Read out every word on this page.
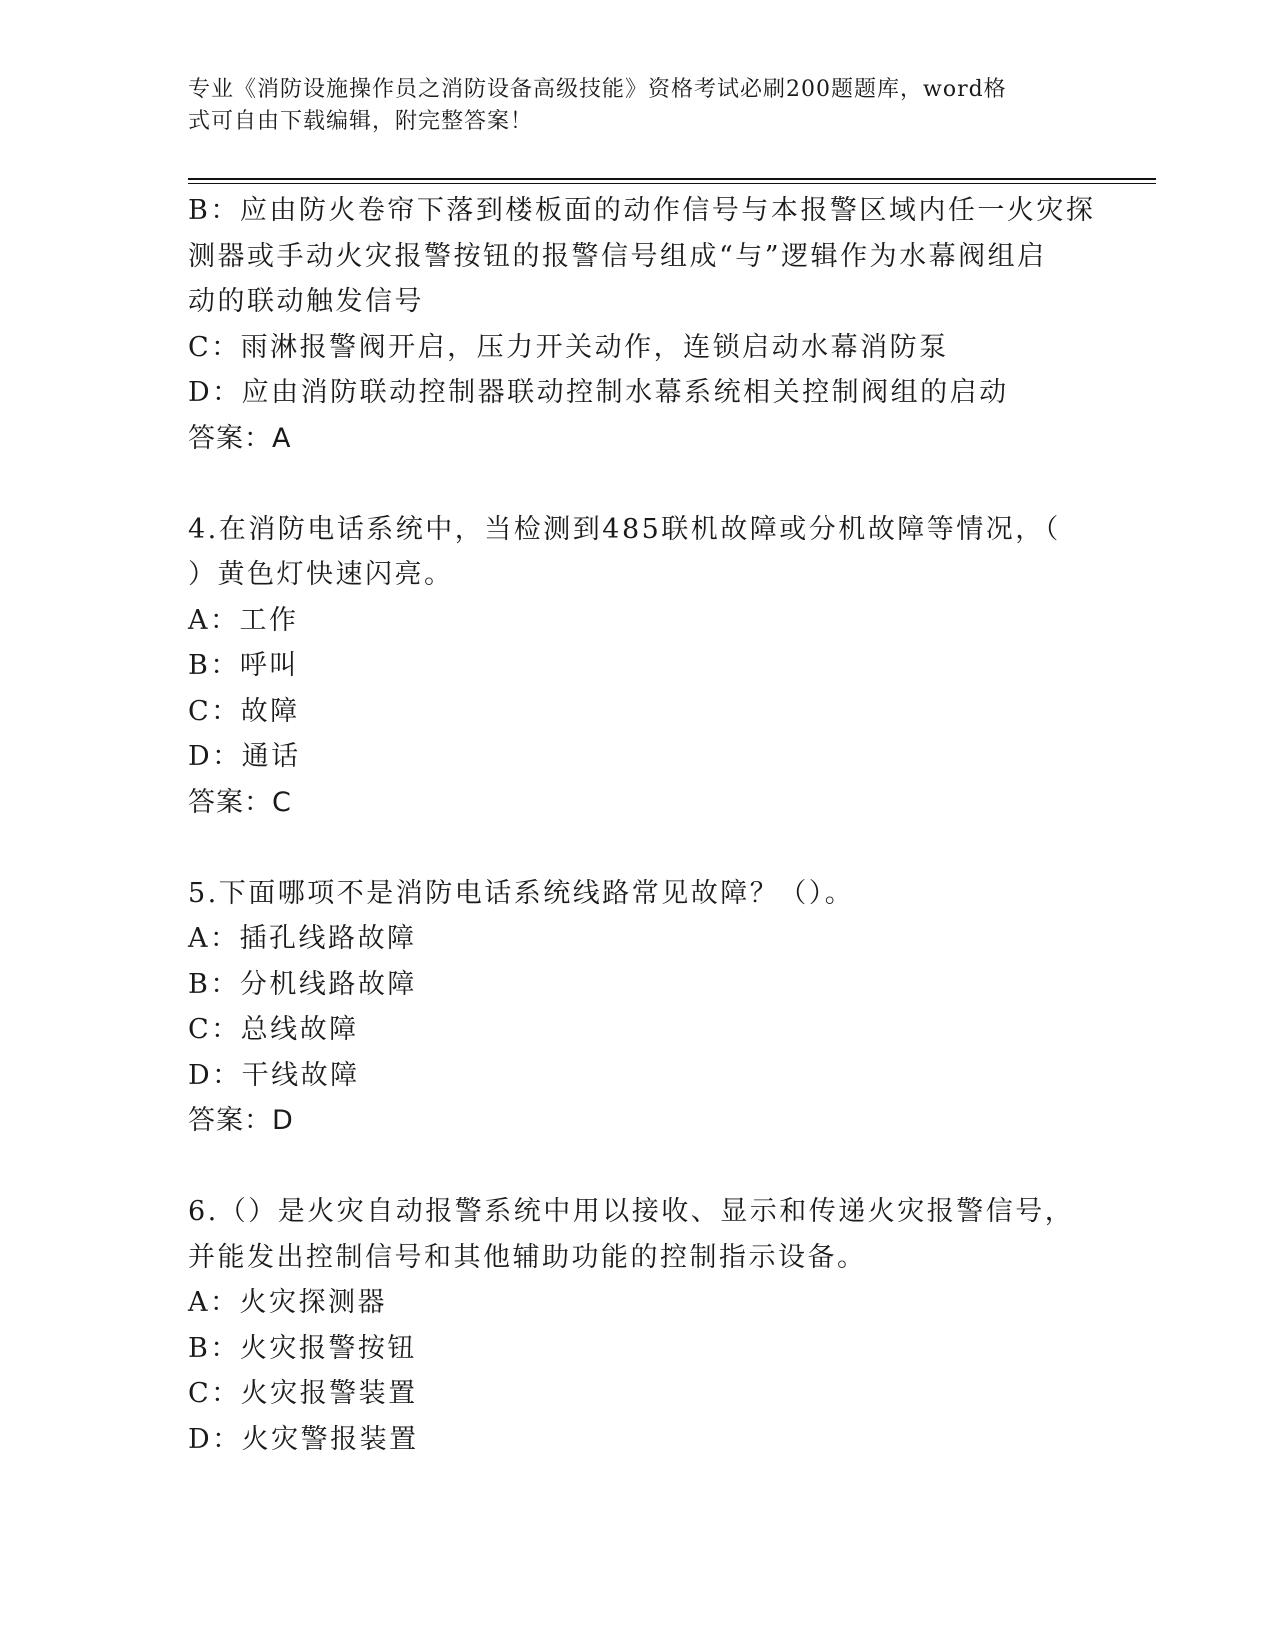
专业《消防设施操作员之消防设备高级技能》资格考试必刷200题题库，word格
式可自由下载编辑，附完整答案！
B：应由防火卷帘下落到楼板面的动作信号与本报警区域内任一火灾探
测器或手动火灾报警按钮的报警信号组成“与”逻辑作为水幕阀组启
动的联动触发信号
C：雨淋报警阀开启，压力开关动作，连锁启动水幕消防泵
D：应由消防联动控制器联动控制水幕系统相关控制阀组的启动
答案：A
4.在消防电话系统中，当检测到485联机故障或分机故障等情况，（
）黄色灯快速闪亮。
A：工作
B：呼叫
C：故障
D：通话
答案：C
5.下面哪项不是消防电话系统线路常见故障？（）。
A：插孔线路故障
B：分机线路故障
C：总线故障
D：干线故障
答案：D
6.（）是火灾自动报警系统中用以接收、显示和传递火灾报警信号，
并能发出控制信号和其他辅助功能的控制指示设备。
A：火灾探测器
B：火灾报警按钮
C：火灾报警装置
D：火灾警报装置
